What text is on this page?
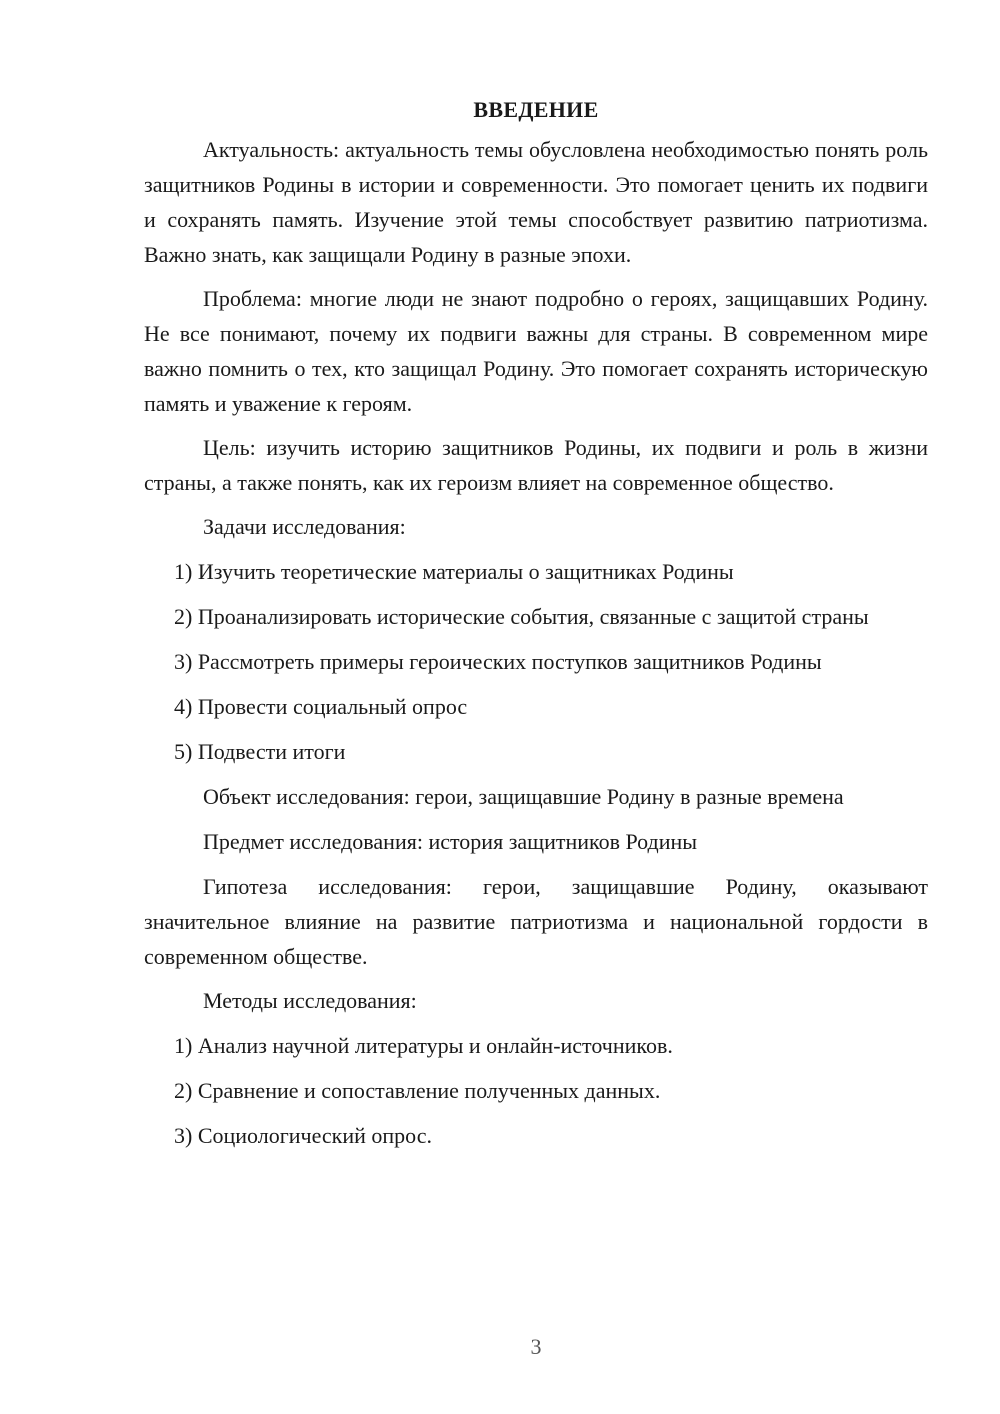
ВВЕДЕНИЕ

Актуальность: актуальность темы обусловлена необходимостью понять роль защитников Родины в истории и современности. Это помогает ценить их подвиги и сохранять память. Изучение этой темы способствует развитию патриотизма. Важно знать, как защищали Родину в разные эпохи.

Проблема: многие люди не знают подробно о героях, защищавших Родину. Не все понимают, почему их подвиги важны для страны. В современном мире важно помнить о тех, кто защищал Родину. Это помогает сохранять историческую память и уважение к героям.

Цель: изучить историю защитников Родины, их подвиги и роль в жизни страны, а также понять, как их героизм влияет на современное общество.

Задачи исследования:

1) Изучить теоретические материалы о защитниках Родины

2) Проанализировать исторические события, связанные с защитой страны

3) Рассмотреть примеры героических поступков защитников Родины

4) Провести социальный опрос

5) Подвести итоги

Объект исследования: герои, защищавшие Родину в разные времена

Предмет исследования: история защитников Родины

Гипотеза исследования: герои, защищавшие Родину, оказывают значительное влияние на развитие патриотизма и национальной гордости в современном обществе.

Методы исследования:

1) Анализ научной литературы и онлайн-источников.

2) Сравнение и сопоставление полученных данных.

3) Социологический опрос.

3
